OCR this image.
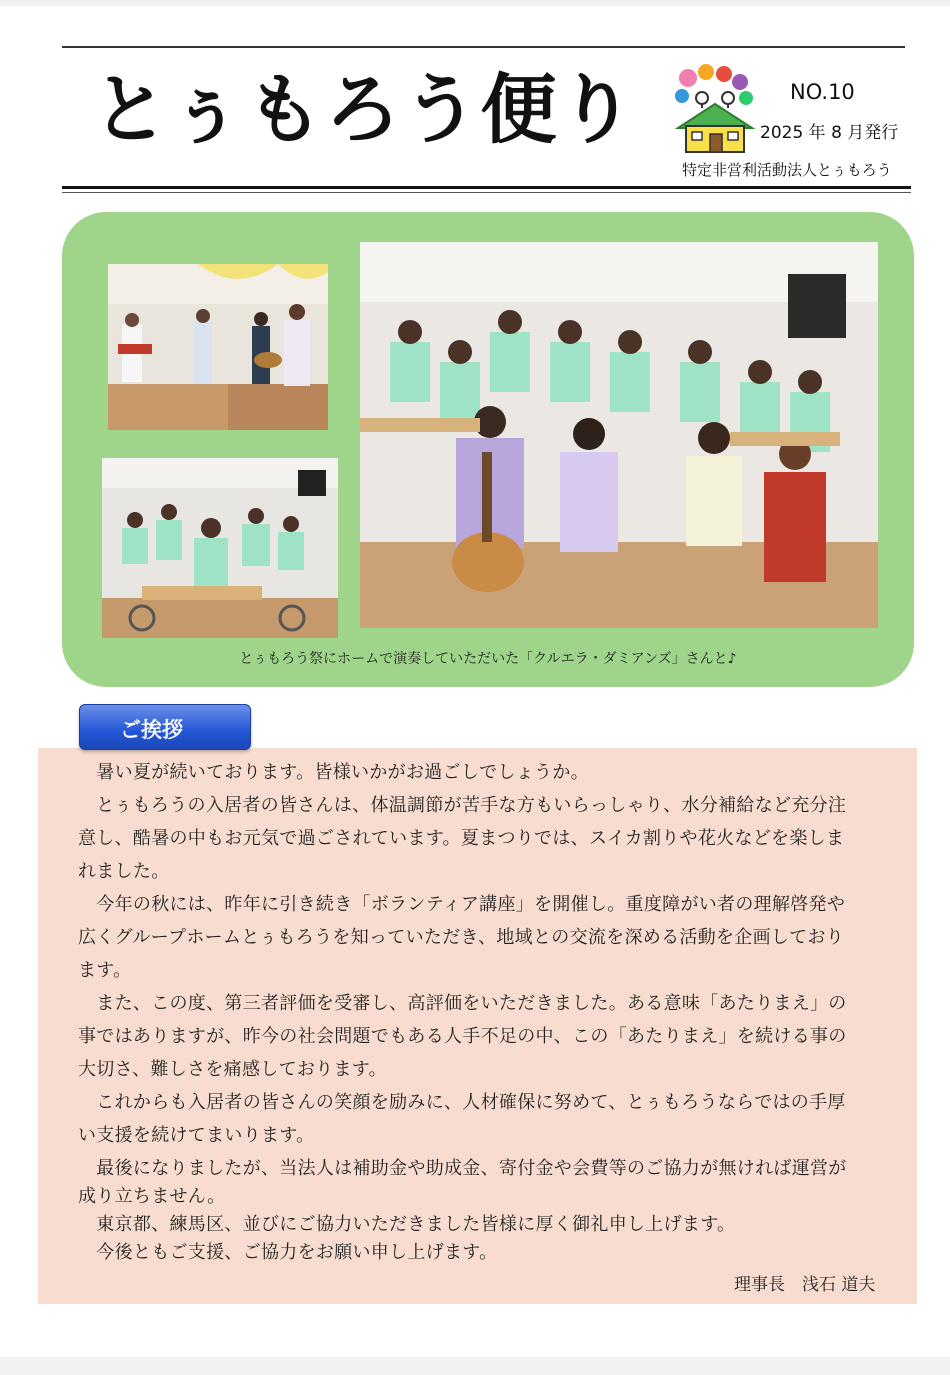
とぅもろう便り	NO.10
2025 年 8 月発行
特定非営利活動法人とぅもろう
とぅもろう祭にホームで演奏していただいた「クルエラ・ダミアンズ」さんと♪
ご挨拶
　暑い夏が続いております。皆様いかがお過ごしでしょうか。
　とぅもろうの入居者の皆さんは、体温調節が苦手な方もいらっしゃり、水分補給など充分注
意し、酷暑の中もお元気で過ごされています。夏まつりでは、スイカ割りや花火などを楽しま
れました。
　今年の秋には、昨年に引き続き「ボランティア講座」を開催し。重度障がい者の理解啓発や
広くグループホームとぅもろうを知っていただき、地域との交流を深める活動を企画しており
ます。
　また、この度、第三者評価を受審し、高評価をいただきました。ある意味「あたりまえ」の
事ではありますが、昨今の社会問題でもある人手不足の中、この「あたりまえ」を続ける事の
大切さ、難しさを痛感しております。
　これからも入居者の皆さんの笑顔を励みに、人材確保に努めて、とぅもろうならではの手厚
い支援を続けてまいります。
　最後になりましたが、当法人は補助金や助成金、寄付金や会費等のご協力が無ければ運営が
成り立ちません。
　東京都、練馬区、並びにご協力いただきました皆様に厚く御礼申し上げます。
　今後ともご支援、ご協力をお願い申し上げます。
理事長　浅石 道夫
